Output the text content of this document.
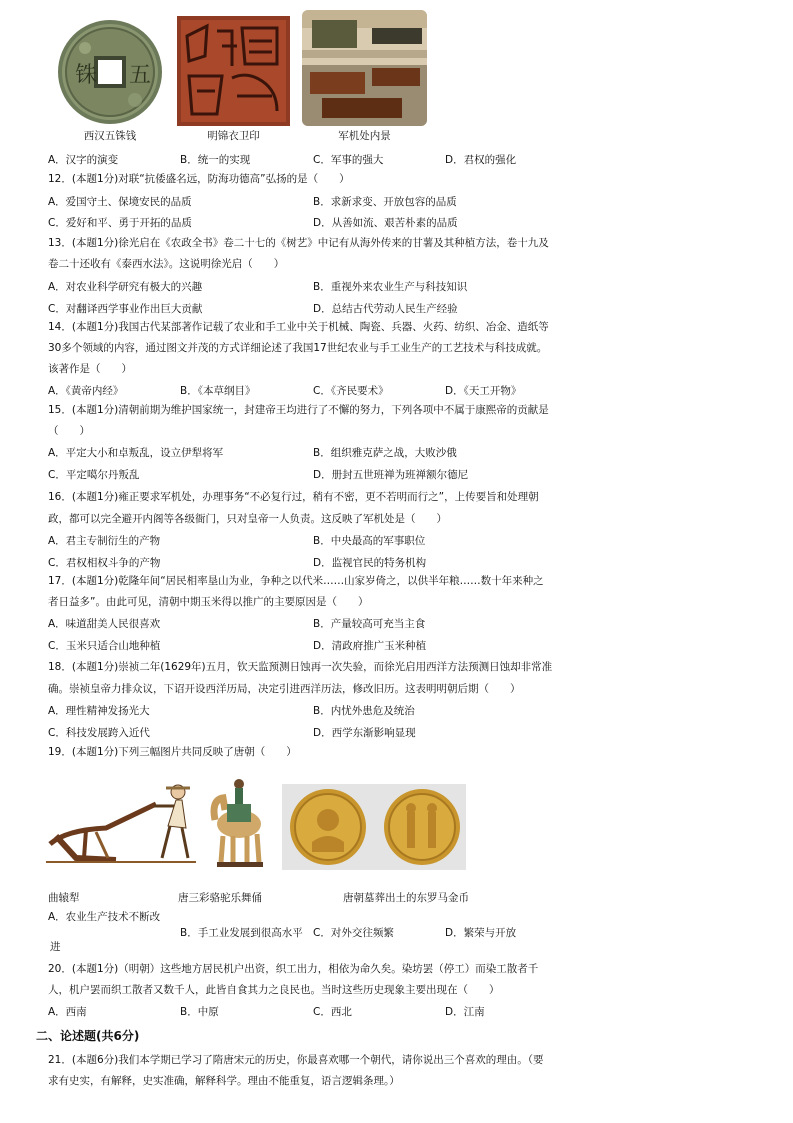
铢 五
西汉五铢钱	明锦衣卫印	军机处内景
A．汉字的演变	B．统一的实现	C．军事的强大	D．君权的强化
12．(本题1分)对联“抗倭盛名远，防海功德高”弘扬的是（　　）
A．爱国守土、保境安民的品质	B．求新求变、开放包容的品质
C．爱好和平、勇于开拓的品质	D．从善如流、艰苦朴素的品质
13．(本题1分)徐光启在《农政全书》卷二十七的《树艺》中记有从海外传来的甘薯及其种植方法，卷十九及
卷二十还收有《泰西水法》。这说明徐光启（　　）
A．对农业科学研究有极大的兴趣	B．重视外来农业生产与科技知识
C．对翻译西学事业作出巨大贡献	D．总结古代劳动人民生产经验
14．(本题1分)我国古代某部著作记载了农业和手工业中关于机械、陶瓷、兵器、火药、纺织、冶金、造纸等
30多个领域的内容，通过图文并茂的方式详细论述了我国17世纪农业与手工业生产的工艺技术与科技成就。
该著作是（　　）
A．《黄帝内经》	B．《本草纲目》	C．《齐民要术》	D．《天工开物》
15．(本题1分)清朝前期为维护国家统一，封建帝王均进行了不懈的努力，下列各项中不属于康熙帝的贡献是
（　　）
A．平定大小和卓叛乱，设立伊犁将军	B．组织雅克萨之战，大败沙俄
C．平定噶尔丹叛乱	D．册封五世班禅为班禅额尔德尼
16．(本题1分)雍正要求军机处，办理事务“不必复行过，稍有不密，更不若明而行之”，上传要旨和处理朝
政，都可以完全避开内阁等各级衙门，只对皇帝一人负责。这反映了军机处是（　　）
A．君主专制衍生的产物	B．中央最高的军事职位
C．君权相权斗争的产物	D．监视官民的特务机构
17．(本题1分)乾隆年间“居民相率垦山为业，争种之以代米……山家岁倚之，以供半年粮……数十年来种之
者日益多”。由此可见，清朝中期玉米得以推广的主要原因是（　　）
A．味道甜美人民很喜欢	B．产量较高可充当主食
C．玉米只适合山地种植	D．清政府推广玉米种植
18．(本题1分)崇祯二年(1629年)五月，钦天监预测日蚀再一次失验，而徐光启用西洋方法预测日蚀却非常准
确。崇祯皇帝力排众议，下诏开设西洋历局，决定引进西洋历法，修改旧历。这表明明朝后期（　　）
A．理性精神发扬光大	B．内忧外患危及统治
C．科技发展跨入近代	D．西学东渐影响显现
19．(本题1分)下列三幅图片共同反映了唐朝（　　）
曲辕犁	唐三彩骆驼乐舞俑	唐朝墓葬出土的东罗马金币
A．农业生产技术不断改
进
B．手工业发展到很高水平 C．对外交往频繁	D．繁荣与开放
20．(本题1分)（明朝）这些地方居民机户出资，织工出力，相依为命久矣。染坊罢（停工）而染工散者千
人，机户罢而织工散者又数千人，此皆自食其力之良民也。当时这些历史现象主要出现在（　　）
A．西南	B．中原	C．西北	D．江南
二、论述题(共6分)
21．(本题6分)我们本学期已学习了隋唐宋元的历史，你最喜欢哪一个朝代，请你说出三个喜欢的理由。（要
求有史实，有解释，史实准确，解释科学。理由不能重复，语言逻辑条理。）
